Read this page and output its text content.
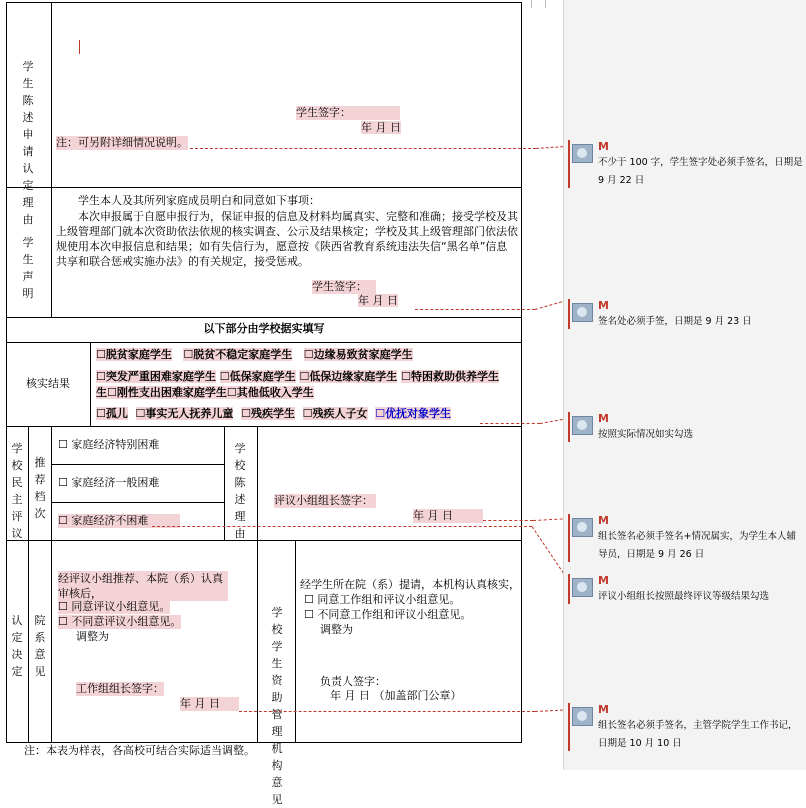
学生陈述申请认定理由
学生签字：
年 月 日
注：可另附详细情况说明。
学生声明
学生本人及其所列家庭成员明白和同意如下事项：
本次申报属于自愿申报行为，保证申报的信息及材料均属真实、完整和准确；接受学校及其上级管理部门就本次资助依法依规的核实调查、公示及结果核定；学校及其上级管理部门依法依规使用本次申报信息和结果；如有失信行为，愿意按《陕西省教育系统违法失信“黑名单”信息共享和联合惩戒实施办法》的有关规定，接受惩戒。
学生签字：
年 月 日
以下部分由学校据实填写
核实结果
☐脱贫家庭学生 ☐脱贫不稳定家庭学生 ☐边缘易致贫家庭学生
☐突发严重困难家庭学生 ☐低保家庭学生 ☐低保边缘家庭学生 ☐特困救助供养学生
生☐刚性支出困难家庭学生☐其他低收入学生
☐孤儿 ☐事实无人抚养儿童 ☐残疾学生 ☐残疾人子女 ☐优抚对象学生
学校民主评议
推荐档次
☐ 家庭经济特别困难
☐ 家庭经济一般困难
☐ 家庭经济不困难
学校陈述理由
评议小组组长签字：
年 月 日
认定决定
院系意见
经评议小组推荐、本院（系）认真审核后，
☐ 同意评议小组意见。
☐ 不同意评议小组意见。
调整为
工作组组长签字：
年 月 日
学校学生资助管理机构意见
经学生所在院（系）提请，本机构认真核实，
☐ 同意工作组和评议小组意见。
☐ 不同意工作组和评议小组意见。
调整为
负责人签字：
年 月 日 （加盖部门公章）
注：本表为样表，各高校可结合实际适当调整。
M
不少于 100 字，学生签字处必须手签名，日期是 9 月 22 日
M
签名处必须手签，日期是 9 月 23 日
M
按照实际情况如实勾选
M
组长签名必须手签名+情况属实，为学生本人辅导员，日期是 9 月 26 日
M
评议小组组长按照最终评议等级结果勾选
M
组长签名必须手签名，主管学院学生工作书记，日期是 10 月 10 日
